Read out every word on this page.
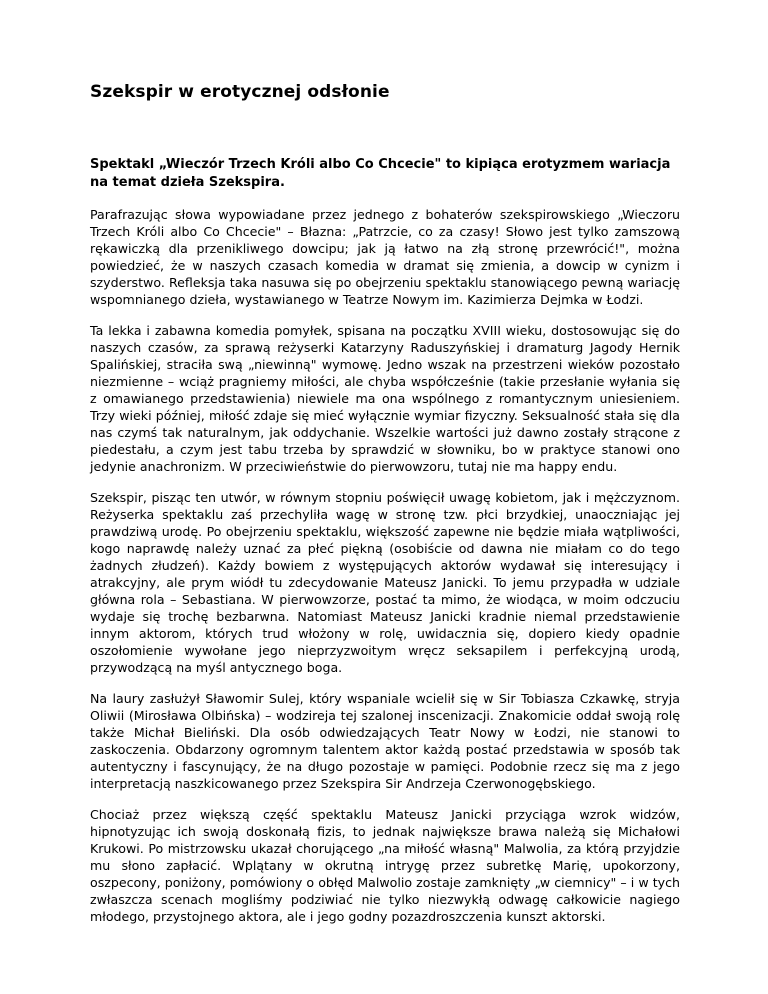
Szekspir w erotycznej odsłonie
Spektakl „Wieczór Trzech Króli albo Co Chcecie" to kipiąca erotyzmem wariacja na temat dzieła Szekspira.

Parafrazując słowa wypowiadane przez jednego z bohaterów szekspirowskiego „Wieczoru Trzech Króli albo Co Chcecie" – Błazna: „Patrzcie, co za czasy! Słowo jest tylko zamszową rękawiczką dla przenikliwego dowcipu; jak ją łatwo na złą stronę przewrócić!", można powiedzieć, że w naszych czasach komedia w dramat się zmienia, a dowcip w cynizm i szyderstwo. Refleksja taka nasuwa się po obejrzeniu spektaklu stanowiącego pewną wariację wspomnianego dzieła, wystawianego w Teatrze Nowym im. Kazimierza Dejmka w Łodzi.

Ta lekka i zabawna komedia pomyłek, spisana na początku XVIII wieku, dostosowując się do naszych czasów, za sprawą reżyserki Katarzyny Raduszyńskiej i dramaturg Jagody Hernik Spalińskiej, straciła swą „niewinną" wymowę. Jedno wszak na przestrzeni wieków pozostało niezmienne – wciąż pragniemy miłości, ale chyba współcześnie (takie przesłanie wyłania się z omawianego przedstawienia) niewiele ma ona wspólnego z romantycznym uniesieniem. Trzy wieki później, miłość zdaje się mieć wyłącznie wymiar fizyczny. Seksualność stała się dla nas czymś tak naturalnym, jak oddychanie. Wszelkie wartości już dawno zostały strącone z piedestału, a czym jest tabu trzeba by sprawdzić w słowniku, bo w praktyce stanowi ono jedynie anachronizm. W przeciwieństwie do pierwowzoru, tutaj nie ma happy endu.

Szekspir, pisząc ten utwór, w równym stopniu poświęcił uwagę kobietom, jak i mężczyznom. Reżyserka spektaklu zaś przechyliła wagę w stronę tzw. płci brzydkiej, unaoczniając jej prawdziwą urodę. Po obejrzeniu spektaklu, większość zapewne nie będzie miała wątpliwości, kogo naprawdę należy uznać za płeć piękną (osobiście od dawna nie miałam co do tego żadnych złudzeń). Każdy bowiem z występujących aktorów wydawał się interesujący i atrakcyjny, ale prym wiódł tu zdecydowanie Mateusz Janicki. To jemu przypadła w udziale główna rola – Sebastiana. W pierwowzorze, postać ta mimo, że wiodąca, w moim odczuciu wydaje się trochę bezbarwna. Natomiast Mateusz Janicki kradnie niemal przedstawienie innym aktorom, których trud włożony w rolę, uwidacznia się, dopiero kiedy opadnie oszołomienie wywołane jego nieprzyzwoitym wręcz seksapilem i perfekcyjną urodą, przywodzącą na myśl antycznego boga.

Na laury zasłużył Sławomir Sulej, który wspaniale wcielił się w Sir Tobiasza Czkawkę, stryja Oliwii (Mirosława Olbińska) – wodzireja tej szalonej inscenizacji. Znakomicie oddał swoją rolę także Michał Bieliński. Dla osób odwiedzających Teatr Nowy w Łodzi, nie stanowi to zaskoczenia. Obdarzony ogromnym talentem aktor każdą postać przedstawia w sposób tak autentyczny i fascynujący, że na długo pozostaje w pamięci. Podobnie rzecz się ma z jego interpretacją naszkicowanego przez Szekspira Sir Andrzeja Czerwonogębskiego.

Chociaż przez większą część spektaklu Mateusz Janicki przyciąga wzrok widzów, hipnotyzując ich swoją doskonałą fizis, to jednak największe brawa należą się Michałowi Krukowi. Po mistrzowsku ukazał chorującego „na miłość własną" Malwolia, za którą przyjdzie mu słono zapłacić. Wplątany w okrutną intrygę przez subretkę Marię, upokorzony, oszpecony, poniżony, pomówiony o obłęd Malwolio zostaje zamknięty „w ciemnicy" – i w tych zwłaszcza scenach mogliśmy podziwiać nie tylko niezwykłą odwagę całkowicie nagiego młodego, przystojnego aktora, ale i jego godny pozazdroszczenia kunszt aktorski.
